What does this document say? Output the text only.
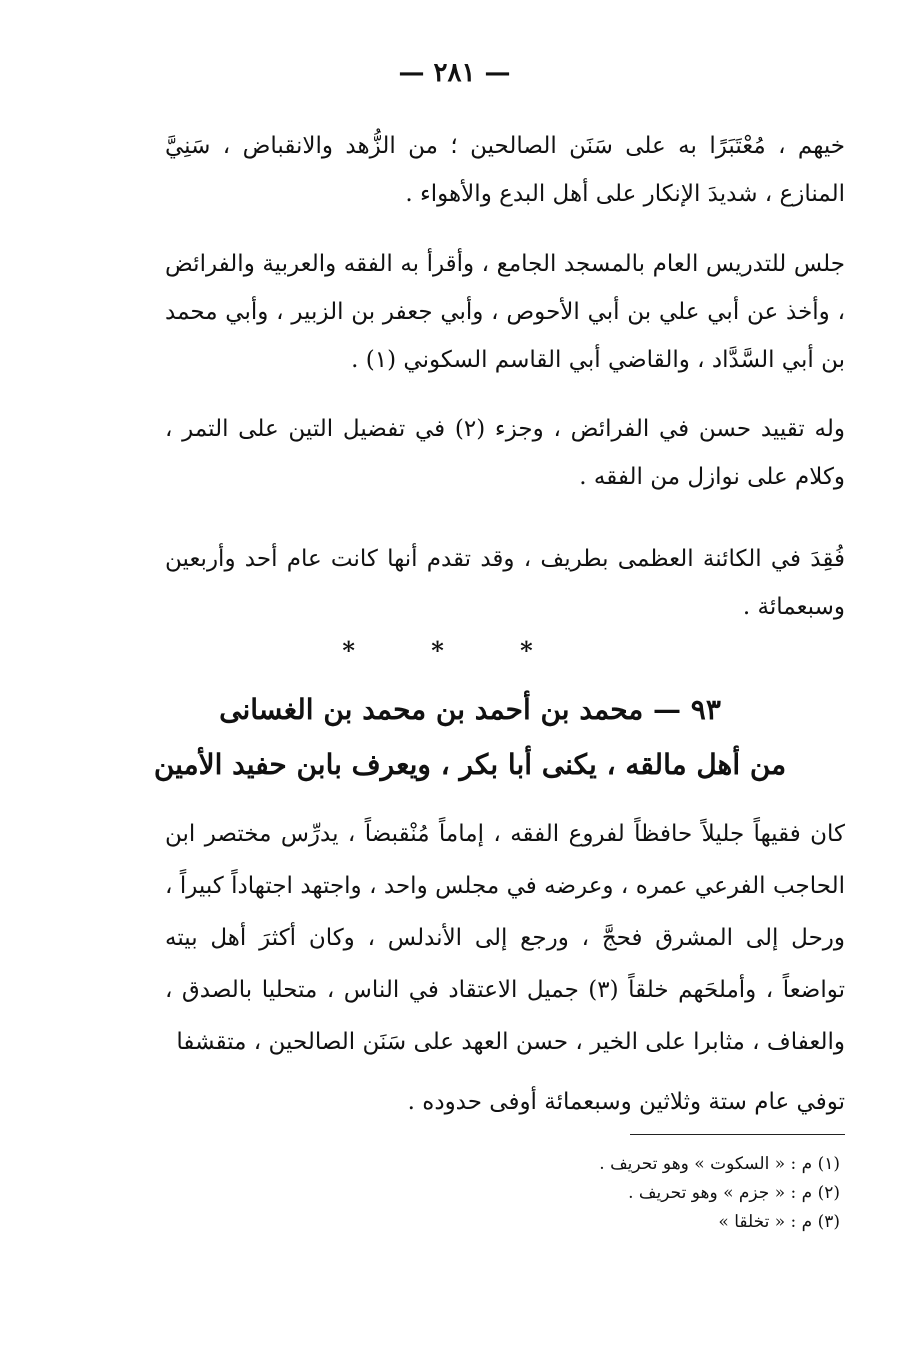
— ٢٨١ —

خيهم ، مُعْتَبَرًا به على سَنَن الصالحين ؛ من الزُّهد والانقباض ، سَنِيَّ المنازع ، شديدَ الإنكار على أهل البدع والأهواء .

جلس للتدريس العام بالمسجد الجامع ، وأقرأ به الفقه والعربية والفرائض ، وأخذ عن أبي علي بن أبي الأحوص ، وأبي جعفر بن الزبير ، وأبي محمد بن أبي السَّدَّاد ، والقاضي أبي القاسم السكوني (١) .

وله تقييد حسن في الفرائض ، وجزء (٢) في تفضيل التين على التمر ، وكلام على نوازل من الفقه .

فُقِدَ في الكائنة العظمى بطريف ، وقد تقدم أنها كانت عام أحد وأربعين وسبعمائة .

* * *
٩٣ — محمد بن أحمد بن محمد بن الغسانى
من أهل مالقه ، يكنى أبا بكر ، ويعرف بابن حفيد الأمين

كان فقيهاً جليلاً حافظاً لفروع الفقه ، إماماً مُنْقبضاً ، يدرِّس مختصر ابن الحاجب الفرعي عمره ، وعرضه في مجلس واحد ، واجتهد اجتهاداً كبيراً ، ورحل إلى المشرق فحجَّ ، ورجع إلى الأندلس ، وكان أكثرَ أهل بيته تواضعاً ، وأملحَهم خلقاً (٣) جميل الاعتقاد في الناس ، متحليا بالصدق ، والعفاف ، مثابرا على الخير ، حسن العهد على سَنَن الصالحين ، متقشفا

توفي عام ستة وثلاثين وسبعمائة أوفى حدوده .

(١) م : « السكوت » وهو تحريف .
(٢) م : « جزم » وهو تحريف .
(٣) م : « تخلقا »
